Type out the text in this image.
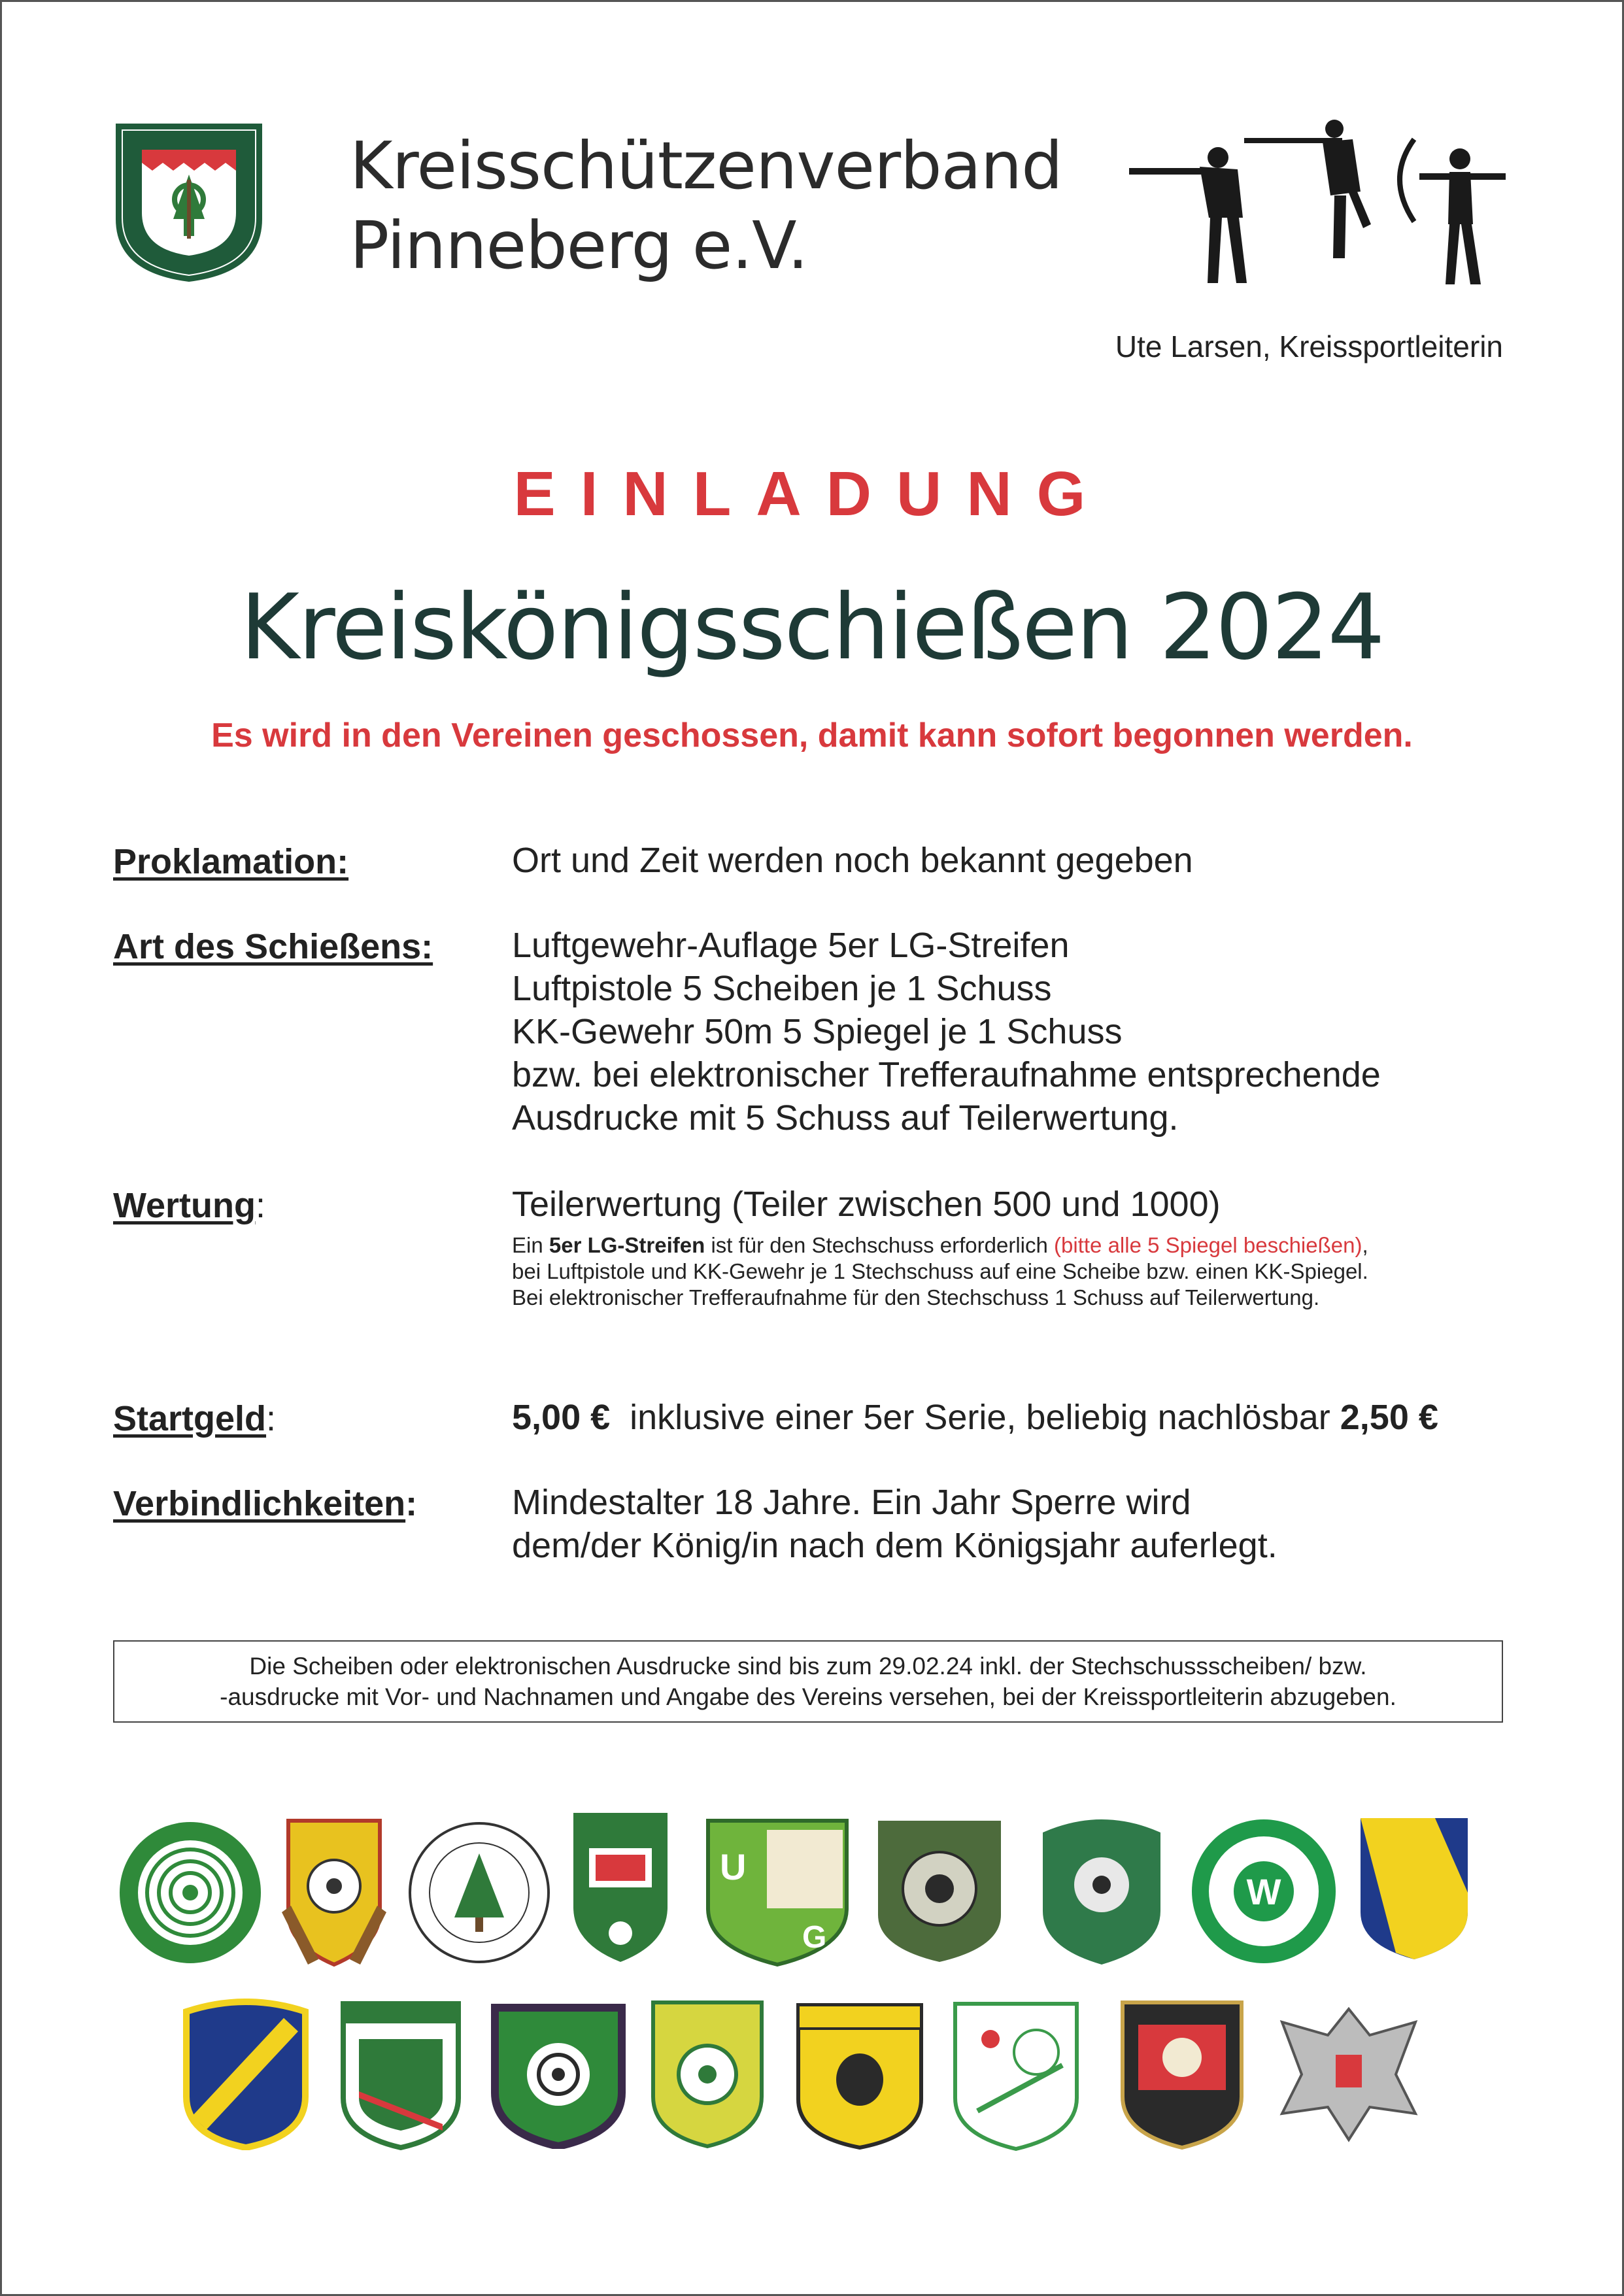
Kreisschützenverband
Pinneberg e.V.
Ute Larsen, Kreissportleiterin
EINLADUNG
Kreiskönigsschießen 2024
Es wird in den Vereinen geschossen, damit kann sofort begonnen werden.
Proklamation:	Ort und Zeit werden noch bekannt gegeben
Art des Schießens: Luftgewehr-Auflage 5er LG-Streifen
Luftpistole 5 Scheiben je 1 Schuss
KK-Gewehr 50m 5 Spiegel je 1 Schuss
bzw. bei elektronischer Trefferaufnahme entsprechende
Ausdrucke mit 5 Schuss auf Teilerwertung.
Wertung:	Teilerwertung (Teiler zwischen 500 und 1000)
Ein 5er LG-Streifen ist für den Stechschuss erforderlich (bitte alle 5 Spiegel beschießen),
bei Luftpistole und KK-Gewehr je 1 Stechschuss auf eine Scheibe bzw. einen KK-Spiegel.
Bei elektronischer Trefferaufnahme für den Stechschuss 1 Schuss auf Teilerwertung.
Startgeld:	5,00 €  inklusive einer 5er Serie, beliebig nachlösbar 2,50 €
Verbindlichkeiten:	Mindestalter 18 Jahre. Ein Jahr Sperre wird
dem/der König/in nach dem Königsjahr auferlegt.
Die Scheiben oder elektronischen Ausdrucke sind bis zum 29.02.24 inkl. der Stechschussscheiben/ bzw.
-ausdrucke mit Vor- und Nachnamen und Angabe des Vereins versehen, bei der Kreissportleiterin abzugeben.
U
G
W
